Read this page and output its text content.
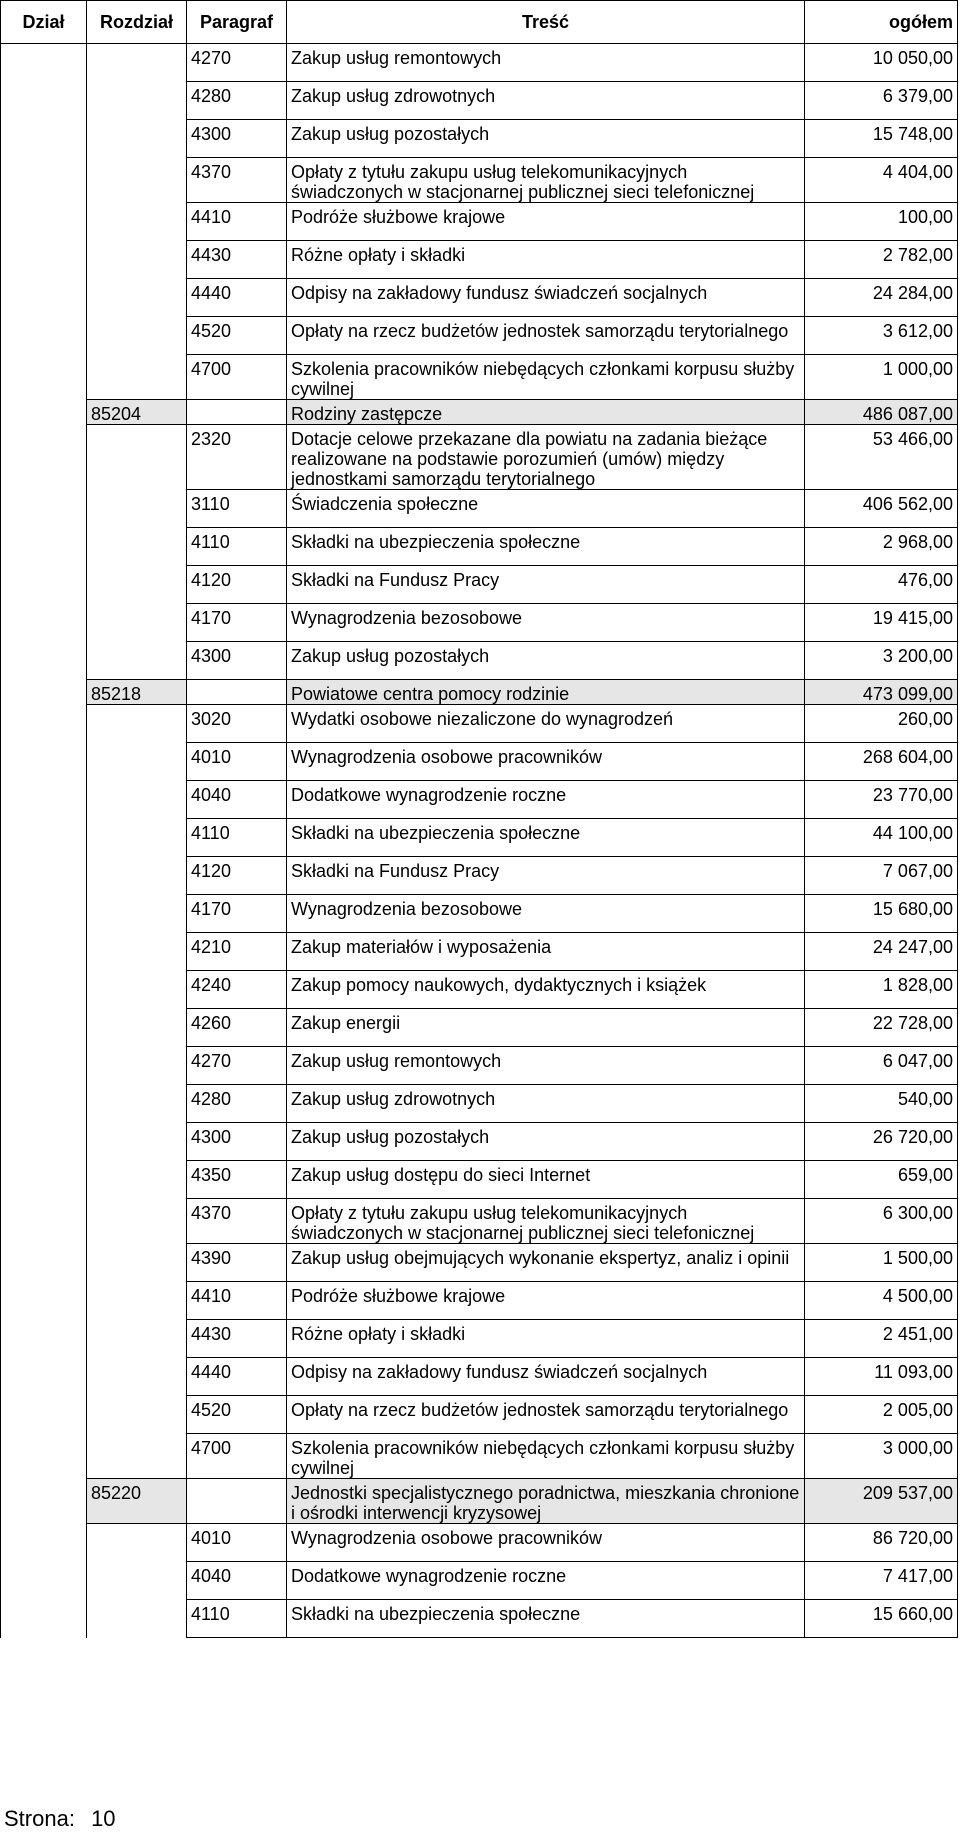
Dział	Rozdział	Paragraf	Treść	ogółem
		4270	Zakup usług remontowych	10 050,00
		4280	Zakup usług zdrowotnych	6 379,00
		4300	Zakup usług pozostałych	15 748,00
		4370	Opłaty z tytułu zakupu usług telekomunikacyjnych świadczonych w stacjonarnej publicznej sieci telefonicznej	4 404,00
		4410	Podróże służbowe krajowe	100,00
		4430	Różne opłaty i składki	2 782,00
		4440	Odpisy na zakładowy fundusz świadczeń socjalnych	24 284,00
		4520	Opłaty na rzecz budżetów jednostek samorządu terytorialnego	3 612,00
		4700	Szkolenia pracowników niebędących członkami korpusu służby cywilnej	1 000,00
	85204		Rodziny zastępcze	486 087,00
		2320	Dotacje celowe przekazane dla powiatu na zadania bieżące realizowane na podstawie porozumień (umów) między jednostkami samorządu terytorialnego	53 466,00
		3110	Świadczenia społeczne	406 562,00
		4110	Składki na ubezpieczenia społeczne	2 968,00
		4120	Składki na Fundusz Pracy	476,00
		4170	Wynagrodzenia bezosobowe	19 415,00
		4300	Zakup usług pozostałych	3 200,00
	85218		Powiatowe centra pomocy rodzinie	473 099,00
		3020	Wydatki osobowe niezaliczone do wynagrodzeń	260,00
		4010	Wynagrodzenia osobowe pracowników	268 604,00
		4040	Dodatkowe wynagrodzenie roczne	23 770,00
		4110	Składki na ubezpieczenia społeczne	44 100,00
		4120	Składki na Fundusz Pracy	7 067,00
		4170	Wynagrodzenia bezosobowe	15 680,00
		4210	Zakup materiałów i wyposażenia	24 247,00
		4240	Zakup pomocy naukowych, dydaktycznych i książek	1 828,00
		4260	Zakup energii	22 728,00
		4270	Zakup usług remontowych	6 047,00
		4280	Zakup usług zdrowotnych	540,00
		4300	Zakup usług pozostałych	26 720,00
		4350	Zakup usług dostępu do sieci Internet	659,00
		4370	Opłaty z tytułu zakupu usług telekomunikacyjnych świadczonych w stacjonarnej publicznej sieci telefonicznej	6 300,00
		4390	Zakup usług obejmujących wykonanie ekspertyz, analiz i opinii	1 500,00
		4410	Podróże służbowe krajowe	4 500,00
		4430	Różne opłaty i składki	2 451,00
		4440	Odpisy na zakładowy fundusz świadczeń socjalnych	11 093,00
		4520	Opłaty na rzecz budżetów jednostek samorządu terytorialnego	2 005,00
		4700	Szkolenia pracowników niebędących członkami korpusu służby cywilnej	3 000,00
	85220		Jednostki specjalistycznego poradnictwa, mieszkania chronione i ośrodki interwencji kryzysowej	209 537,00
		4010	Wynagrodzenia osobowe pracowników	86 720,00
		4040	Dodatkowe wynagrodzenie roczne	7 417,00
		4110	Składki na ubezpieczenia społeczne	15 660,00
Strona: 10
